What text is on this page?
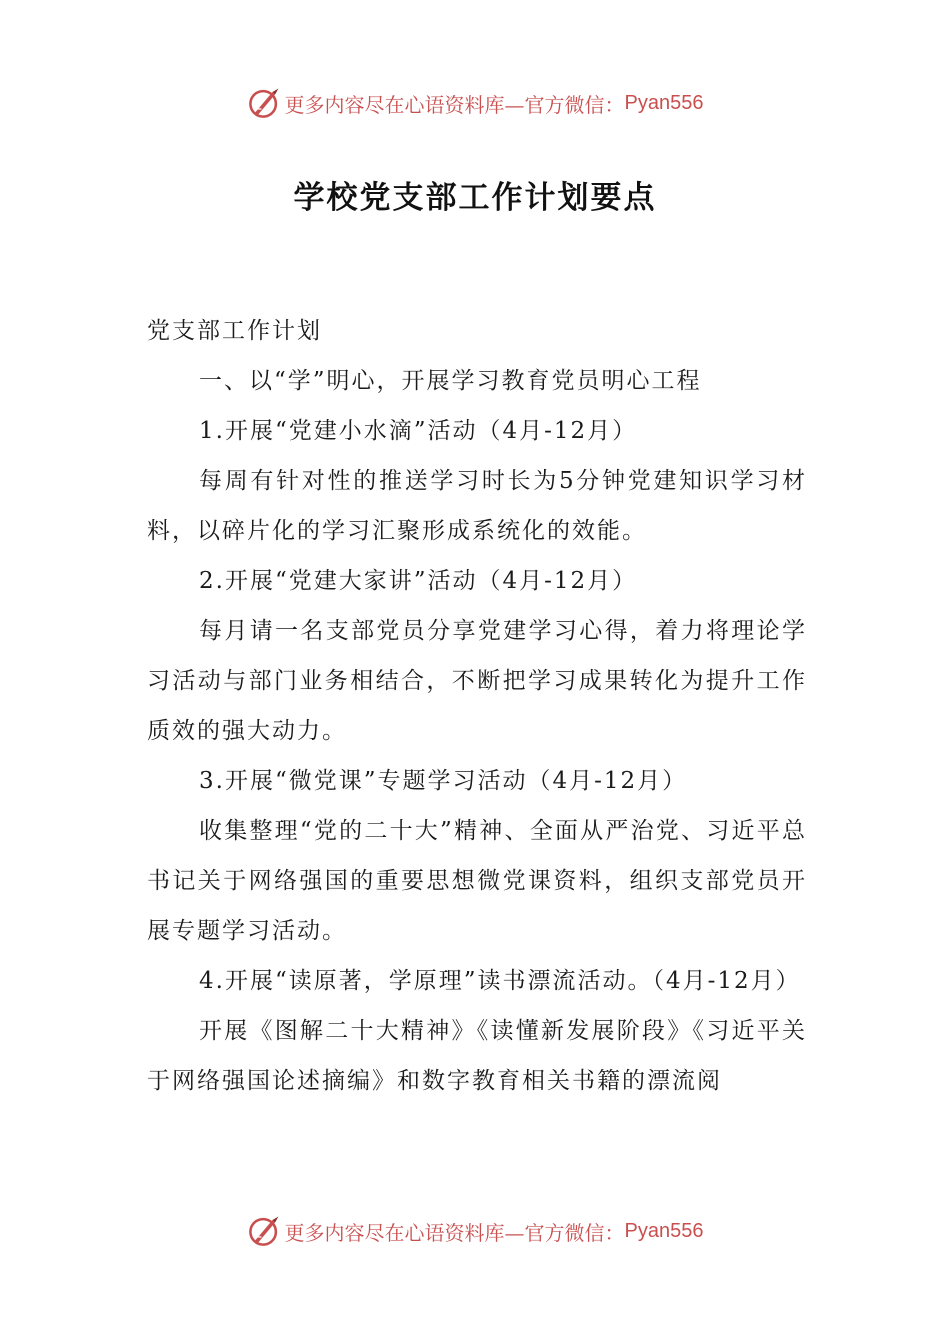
更多内容尽在心语资料库—官方微信： Pyan556
学校党支部工作计划要点

党支部工作计划

一、以“学”明心，开展学习教育党员明心工程

1.开展“党建小水滴”活动（4月-12月）

每周有针对性的推送学习时长为5分钟党建知识学习材料，以碎片化的学习汇聚形成系统化的效能。

2.开展“党建大家讲”活动（4月-12月）

每月请一名支部党员分享党建学习心得，着力将理论学习活动与部门业务相结合，不断把学习成果转化为提升工作质效的强大动力。

3.开展“微党课”专题学习活动（4月-12月）

收集整理“党的二十大”精神、全面从严治党、习近平总书记关于网络强国的重要思想微党课资料，组织支部党员开展专题学习活动。

4.开展“读原著，学原理”读书漂流活动。（4月-12月）

开展《图解二十大精神》《读懂新发展阶段》《习近平关于网络强国论述摘编》和数字教育相关书籍的漂流阅

更多内容尽在心语资料库—官方微信： Pyan556
